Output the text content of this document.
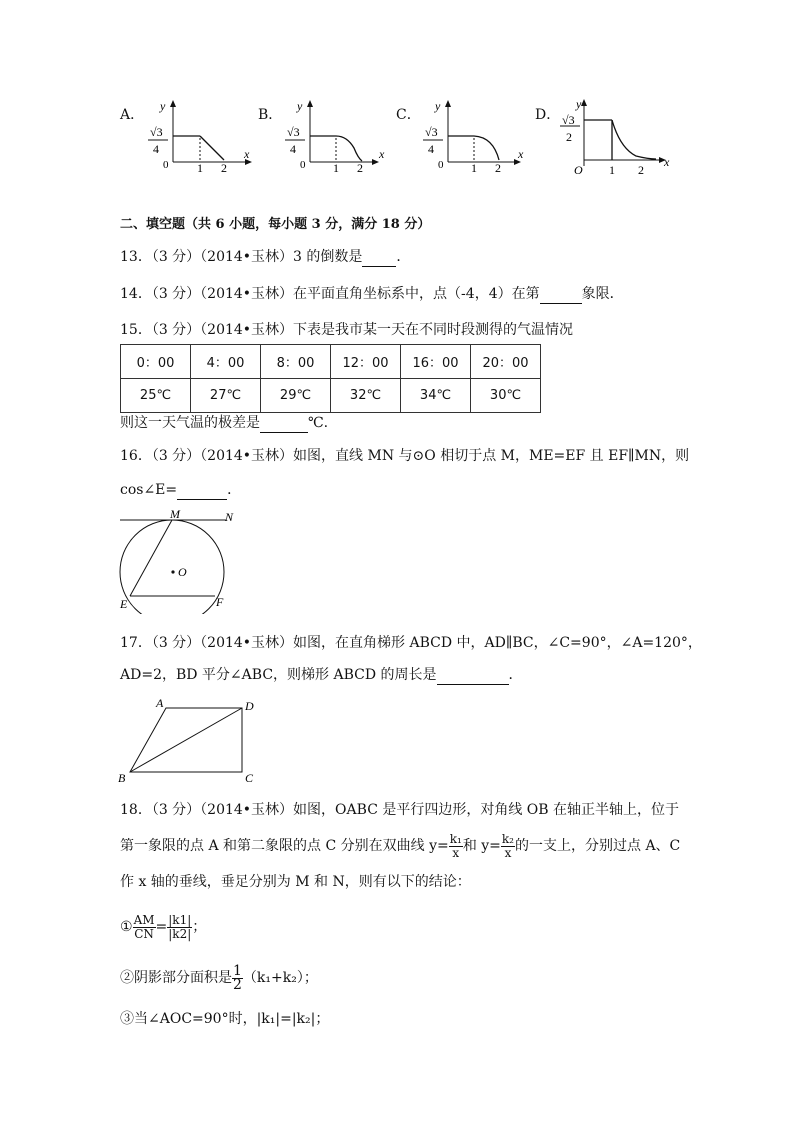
A．
y
√3
4
0 1 2
x
B．
y
√3
4
0 1 2
x
C．
y
√3
4
0 1 2
x
D．
y
√3
2
O 1 2
x
二、填空题（共 6 小题，每小题 3 分，满分 18 分）
13．（3 分）（2014•玉林）3 的倒数是 ．
14．（3 分）（2014•玉林）在平面直角坐标系中，点（-4，4）在第	象限．
15．（3 分）（2014•玉林）下表是我市某一天在不同时段测得的气温情况
0：00	4：00	8：00	12：00	16：00	20：00
25℃	27℃	29℃	32℃	34℃	30℃
则这一天气温的极差是	℃.
16．（3 分）（2014•玉林）如图，直线 MN 与⊙O 相切于点 M，ME=EF 且 EF∥MN，则
cos∠E=	．
M	N
O
E	F
17．（3 分）（2014•玉林）如图，在直角梯形 ABCD 中，AD∥BC，∠C=90°，∠A=120°，
AD=2，BD 平分∠ABC，则梯形 ABCD 的周长是	．
A	D
B	C
18．（3 分）（2014•玉林）如图，OABC 是平行四边形，对角线 OB 在轴正半轴上，位于
第一象限的点 A 和第二象限的点 C 分别在双曲线 $y= \frac{\text{k₁}}{x}$ 和 $y= \frac{\text{k₂}}{x}$ 的一支上，分别过点 A、C
作 x 轴的垂线，垂足分别为 M 和 N，则有以下的结论：
① $\frac{AM}{CN} = \frac{|k1|}{|k2|}$ ；
②阴影部分面积是 $\frac{1}{2} (k_1+k_2)$；
③当∠AOC=90°时，|k₁|=|k₂|；
